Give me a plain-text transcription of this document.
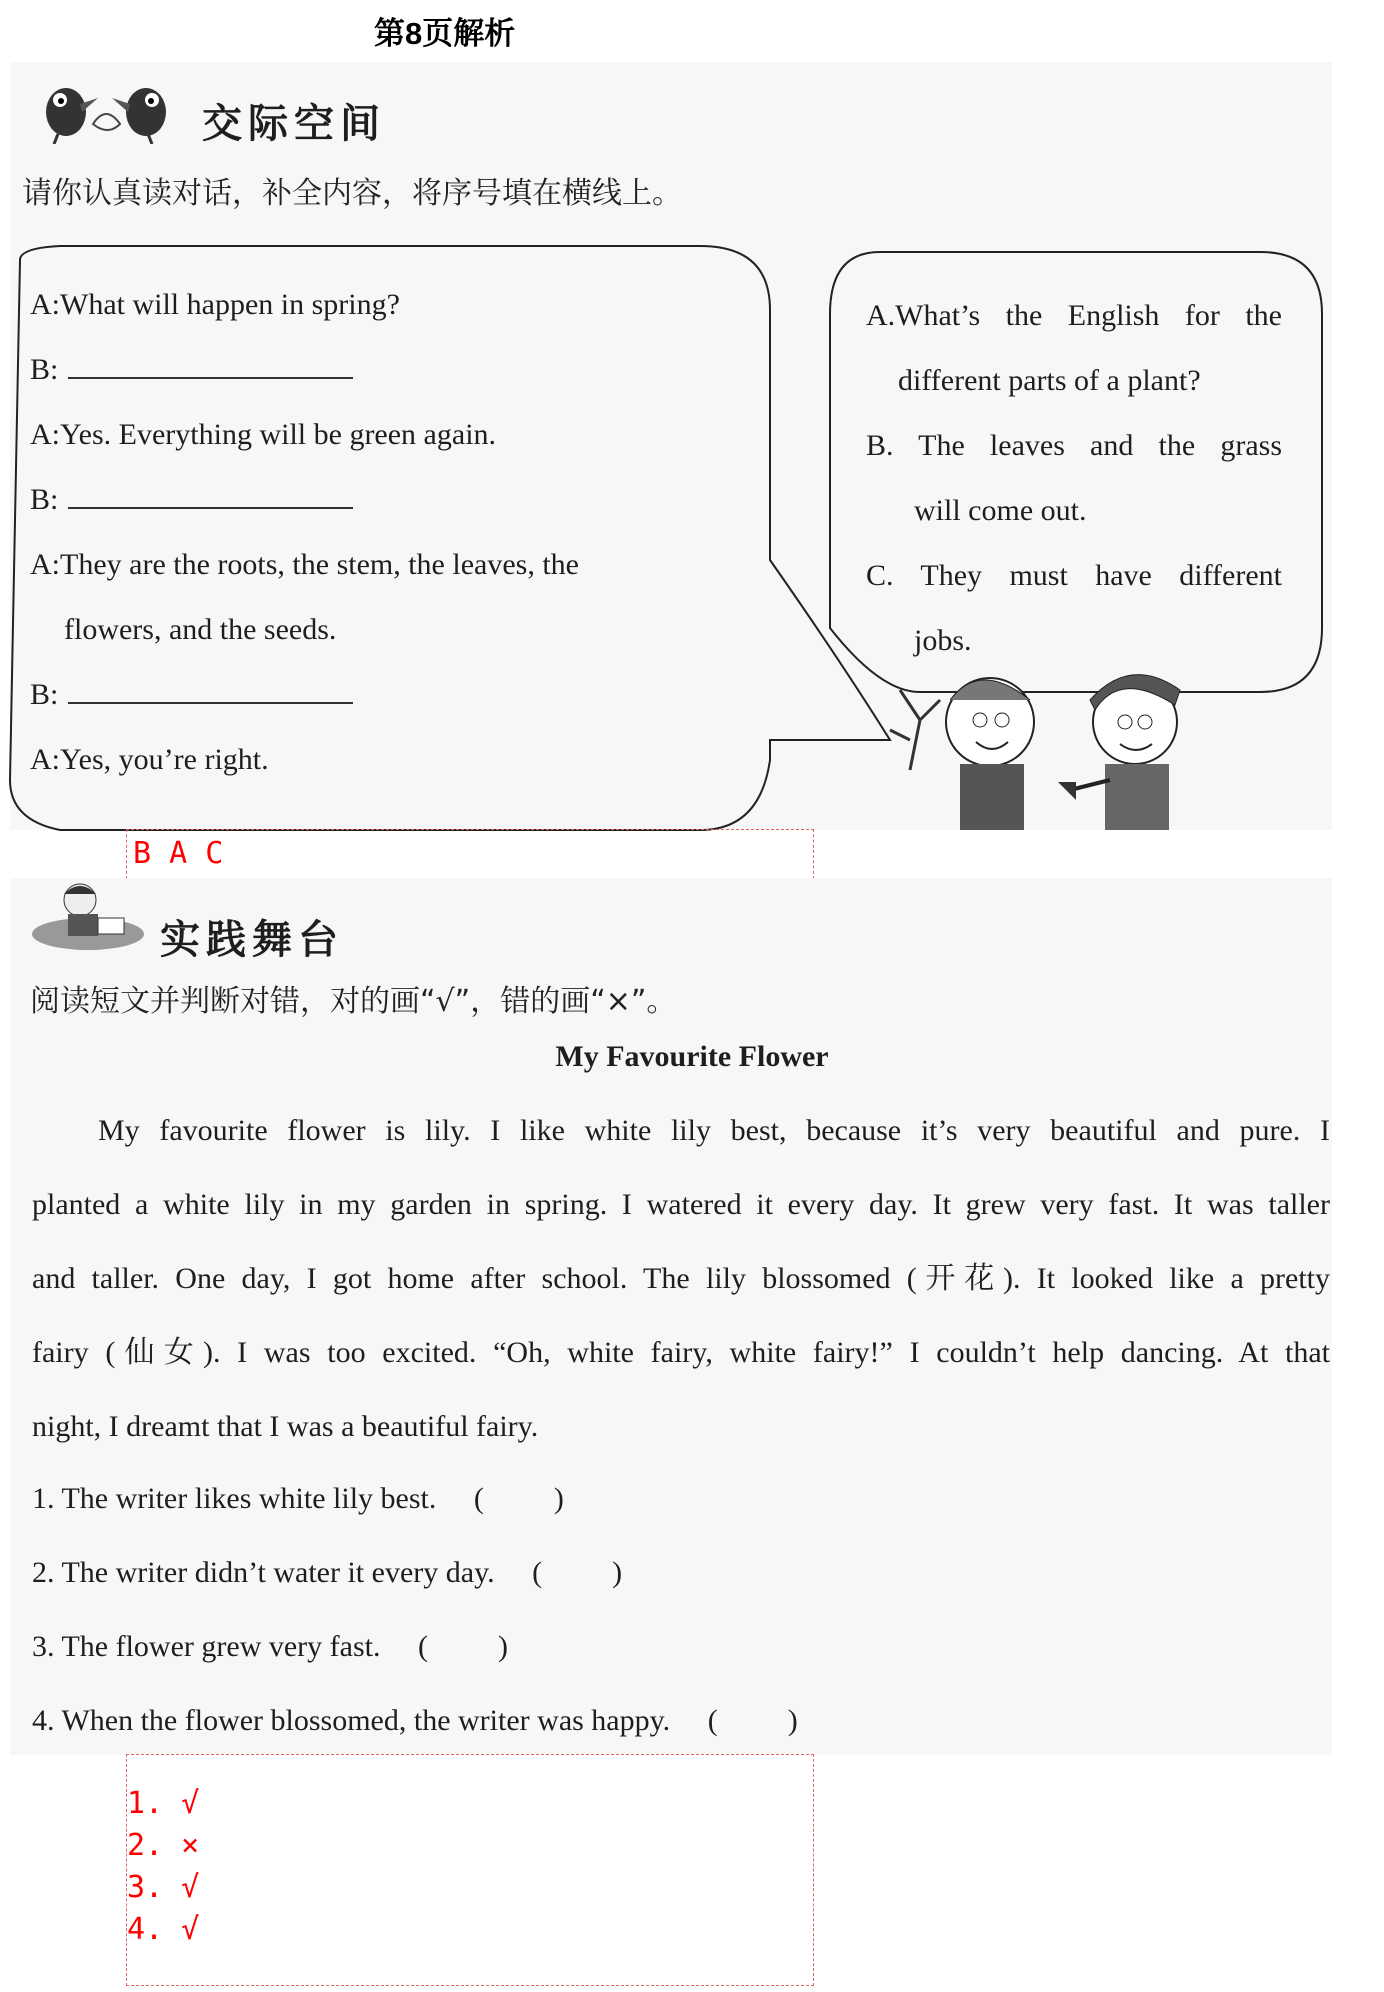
第8页解析
交际空间
请你认真读对话，补全内容，将序号填在横线上。
A:What will happen in spring?
B:
A:Yes. Everything will be green again.
B:
A:They are the roots, the stem, the leaves, the
flowers, and the seeds.
B:
A:Yes, you’re right.
A.What’s the English for the
different parts of a plant?
B. The leaves and the grass
will come out.
C. They must have different
jobs.
B A C
实践舞台
阅读短文并判断对错，对的画“√”，错的画“×”。
My Favourite Flower
My favourite flower is lily. I like white lily best, because it’s very beautiful and pure. I
planted a white lily in my garden in spring. I watered it every day. It grew very fast. It was taller
and taller. One day, I got home after school. The lily blossomed (开花). It looked like a pretty
fairy (仙女). I was too excited. “Oh, white fairy, white fairy!” I couldn’t help dancing. At that
night, I dreamt that I was a beautiful fairy.
1. The writer likes white lily best. ( )
2. The writer didn’t water it every day. ( )
3. The flower grew very fast. ( )
4. When the flower blossomed, the writer was happy. ( )
1. √
2. ×
3. √
4. √
